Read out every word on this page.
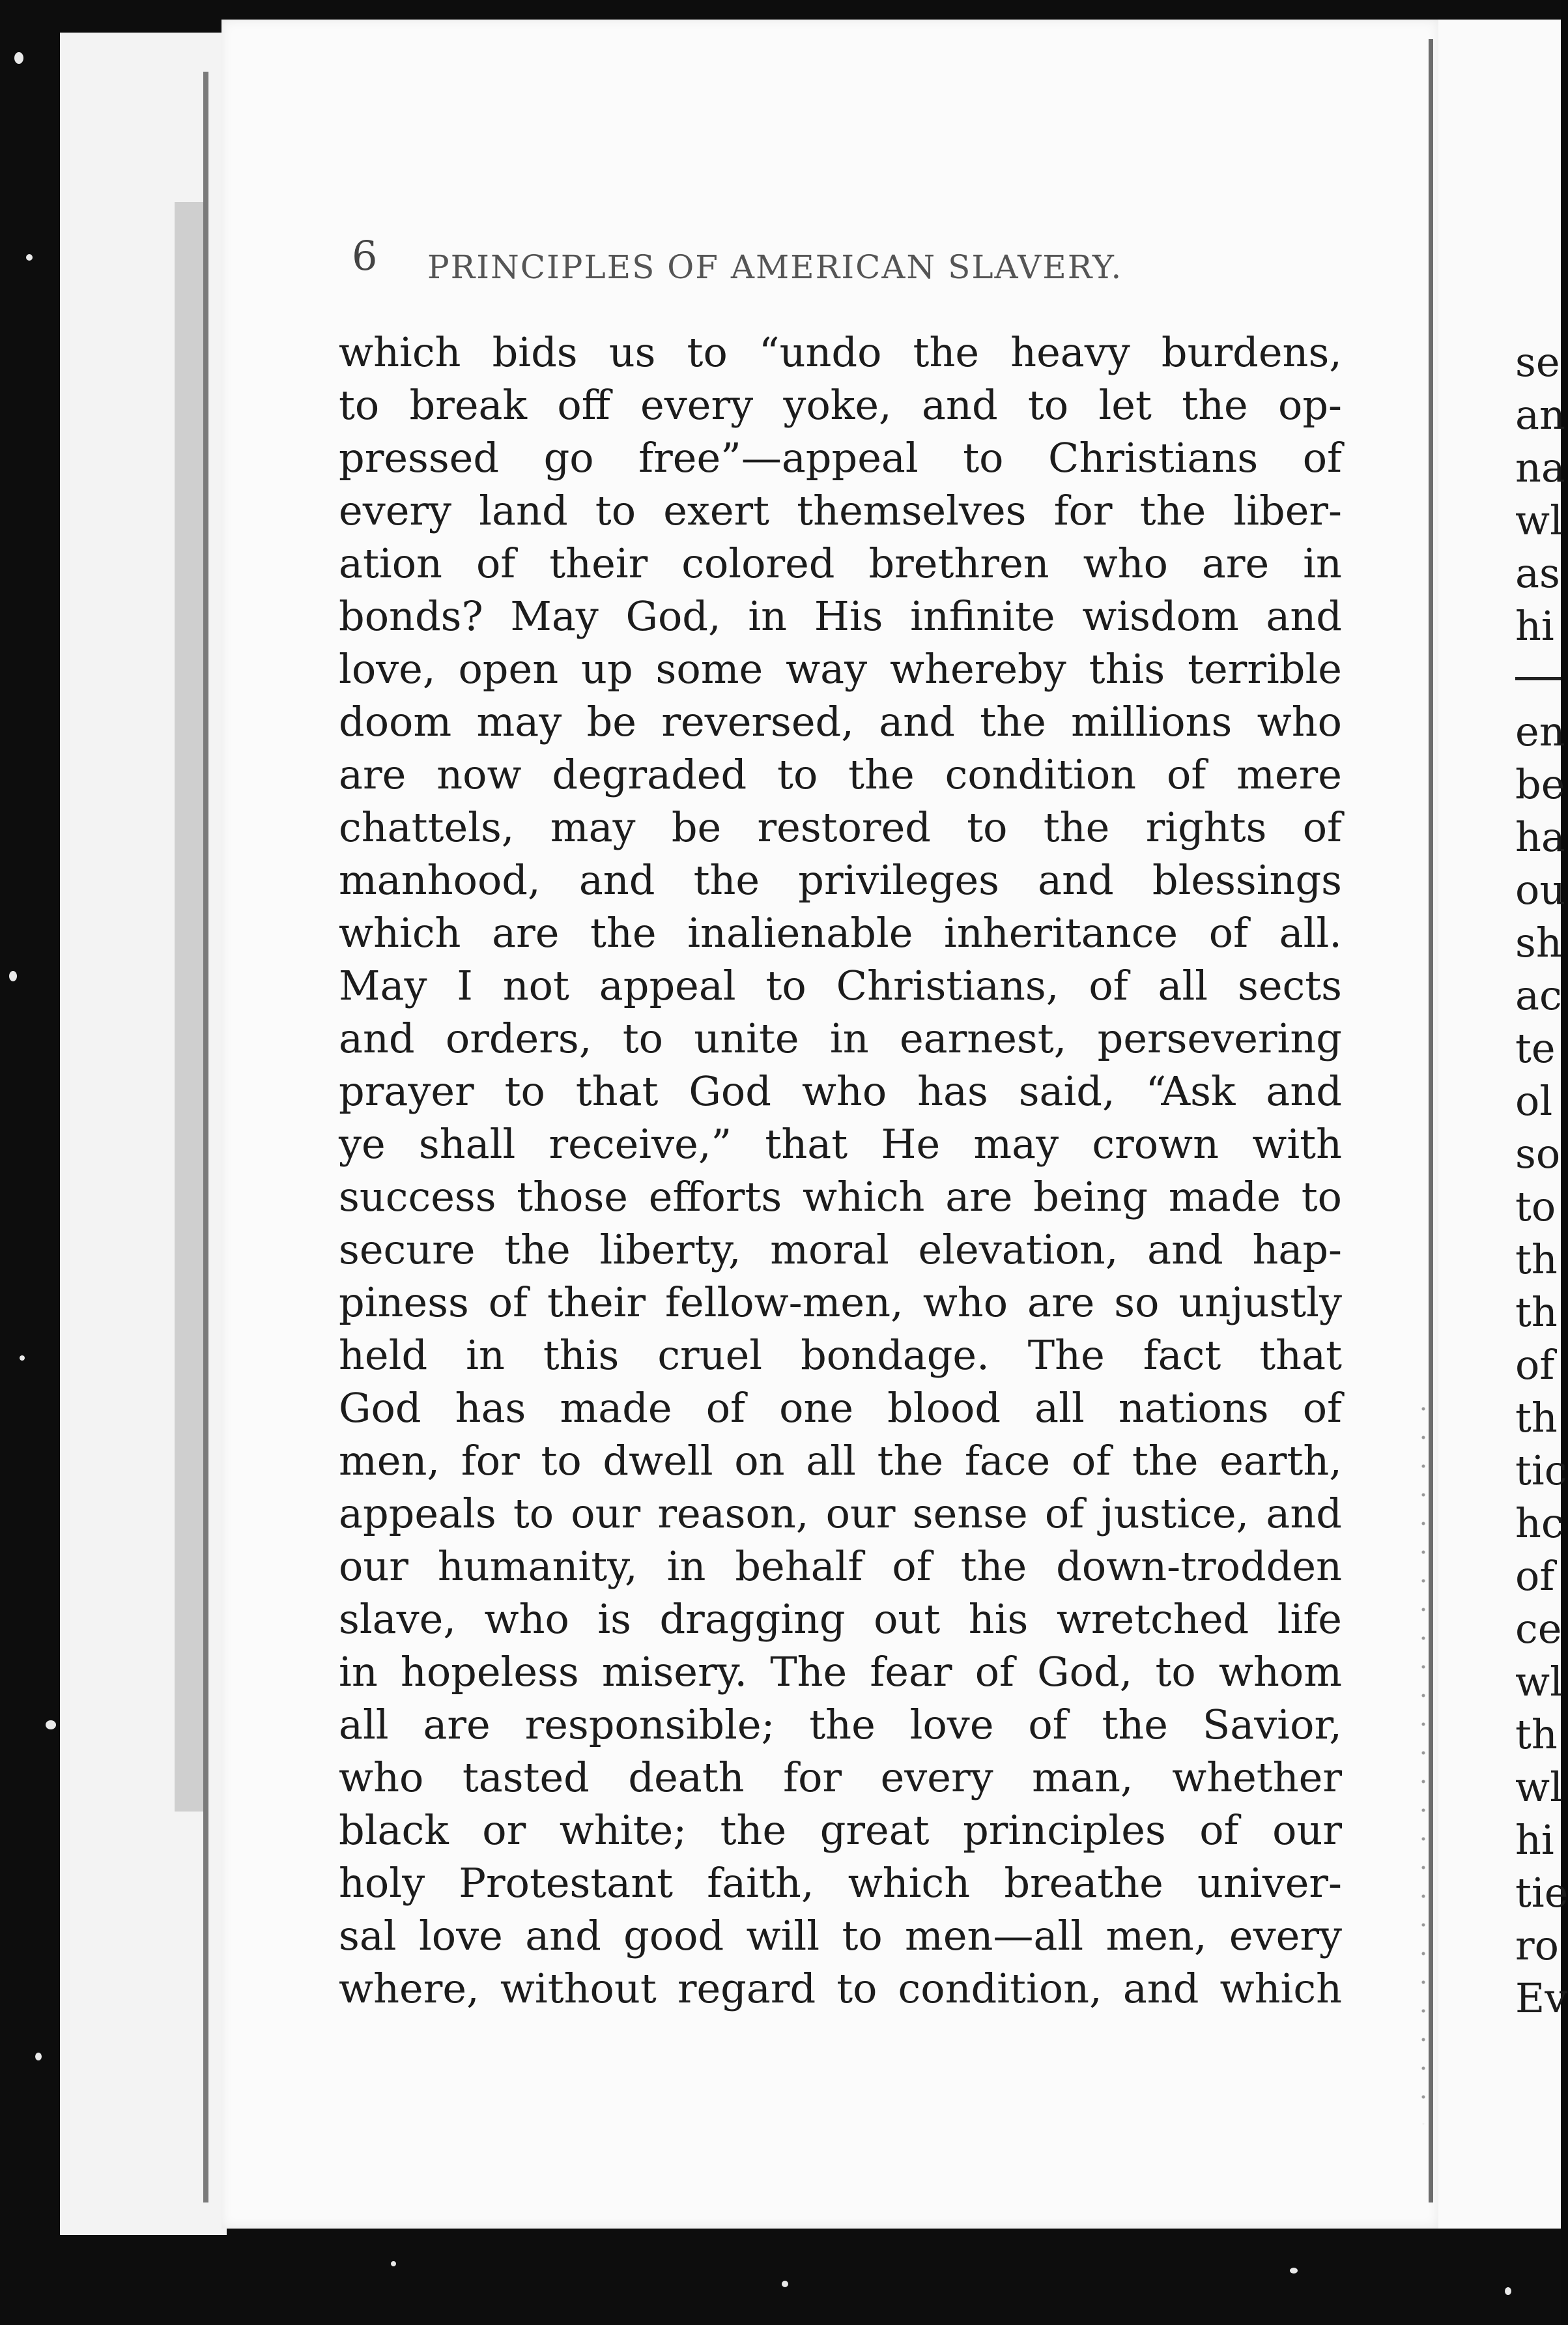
6 PRINCIPLES OF AMERICAN SLAVERY.
which bids us to “undo the heavy burdens,
to break off every yoke, and to let the op-
pressed go free”—appeal to Christians of
every land to exert themselves for the liber-
ation of their colored brethren who are in
bonds? May God, in His infinite wisdom and
love, open up some way whereby this terrible
doom may be reversed, and the millions who
are now degraded to the condition of mere
chattels, may be restored to the rights of
manhood, and the privileges and blessings
which are the inalienable inheritance of all.
May I not appeal to Christians, of all sects
and orders, to unite in earnest, persevering
prayer to that God who has said, “Ask and
ye shall receive,” that He may crown with
success those efforts which are being made to
secure the liberty, moral elevation, and hap-
piness of their fellow-men, who are so unjustly
held in this cruel bondage. The fact that
God has made of one blood all nations of
men, for to dwell on all the face of the earth,
appeals to our reason, our sense of justice, and
our humanity, in behalf of the down-trodden
slave, who is dragging out his wretched life
in hopeless misery. The fear of God, to whom
all are responsible; the love of the Savior,
who tasted death for every man, whether
black or white; the great principles of our
holy Protestant faith, which breathe univer-
sal love and good will to men—all men, every
where, without regard to condition, and which
se
an
na
wl
as
hi
en
be
ha
ou
sh
ac
te
ol
so
to
th
th
of
th
tic
hc
of
ce
wl
th
wl
hi
tie
ro
Ev
